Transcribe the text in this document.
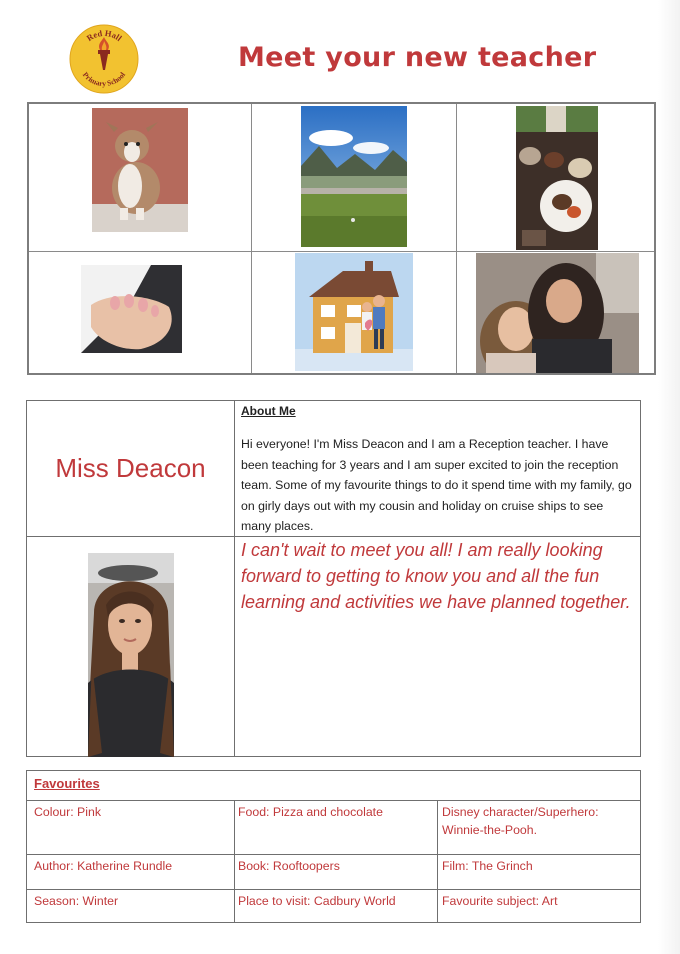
Red Hall
Primary School
Meet your new teacher
Miss Deacon
About Me
Hi everyone! I'm Miss Deacon and I am a Reception teacher. I have been teaching for 3 years and I am super excited to join the reception team. Some of my favourite things to do it spend time with my family, go on girly days out with my cousin and holiday on cruise ships to see many places.
I can't wait to meet you all! I am really looking forward to getting to know you and all the fun learning and activities we have planned together.
Favourites
Colour: Pink	Food: Pizza and chocolate	Disney character/Superhero: Winnie-the-Pooh.
Author: Katherine Rundle	Book: Rooftoopers	Film: The Grinch
Season: Winter	Place to visit: Cadbury World	Favourite subject: Art
